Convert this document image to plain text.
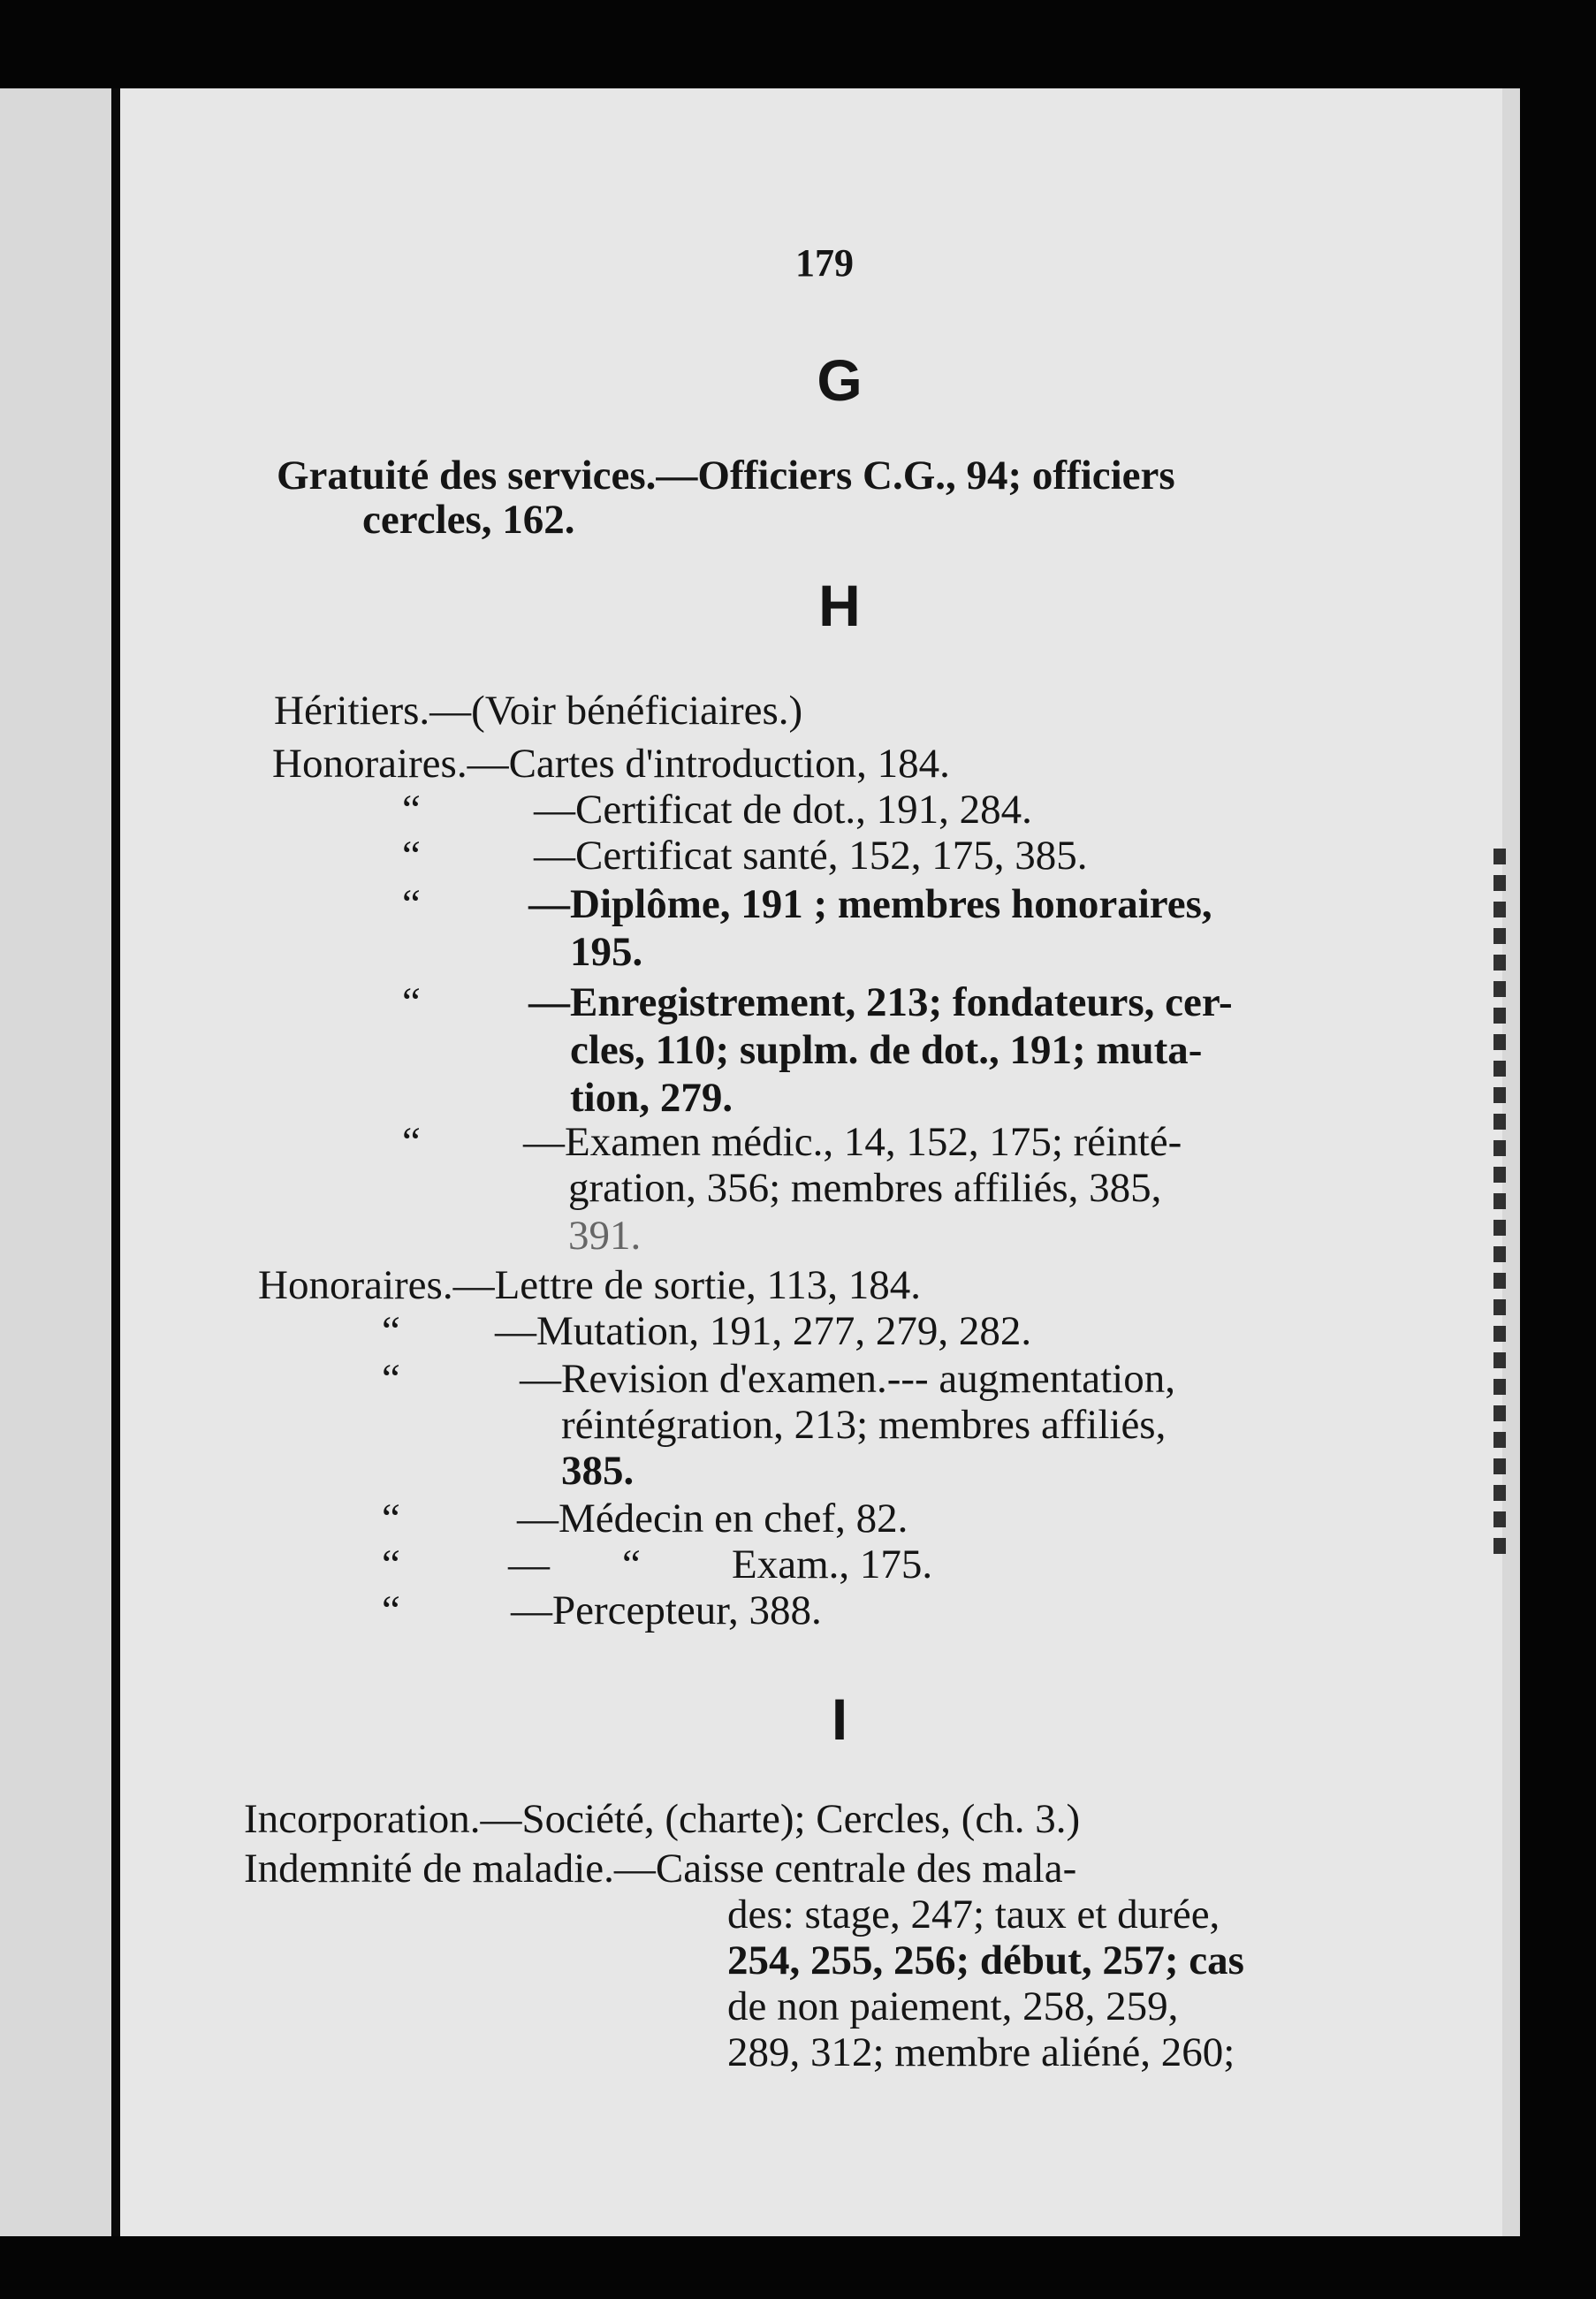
179
G
Gratuité des services.—Officiers C.G., 94; officiers
cercles, 162.
H
Héritiers.—(Voir bénéficiaires.)
Honoraires.—Cartes d'introduction, 184.
“	—Certificat de dot., 191, 284.
“	—Certificat santé, 152, 175, 385.
“	—Diplôme, 191 ; membres honoraires,
195.
“	—Enregistrement, 213; fondateurs, cer-
cles, 110; suplm. de dot., 191; muta-
tion, 279.
“ —Examen médic., 14, 152, 175; réinté-
gration, 356; membres affiliés, 385,
391.
Honoraires.—Lettre de sortie, 113, 184.
“ —Mutation, 191, 277, 279, 282.
“	—Revision d'examen.--- augmentation,
réintégration, 213; membres affiliés,
385.
“	—Médecin en chef, 82.
“	— “ Exam., 175.
“	—Percepteur, 388.
I
Incorporation.—Société, (charte); Cercles, (ch. 3.)
Indemnité de maladie.—Caisse centrale des mala-
des: stage, 247; taux et durée,
254, 255, 256; début, 257; cas
de non paiement, 258, 259,
289, 312; membre aliéné, 260;
